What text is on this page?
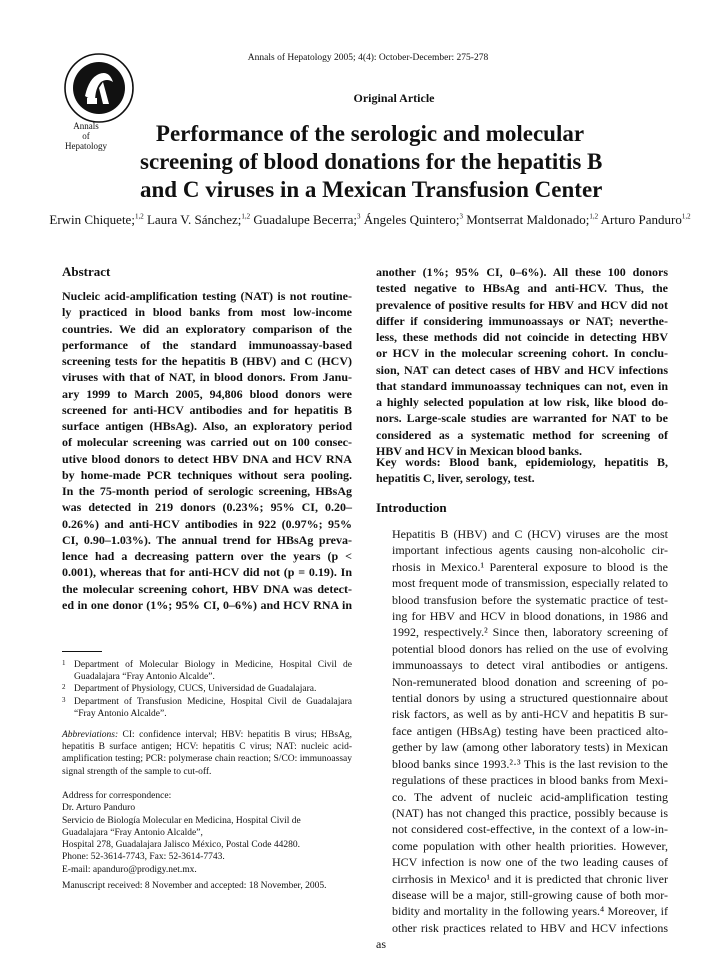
Annals of Hepatology 2005; 4(4): October-December: 275-278
Annals
of
Hepatology
Original Article
Performance of the serologic and molecular
screening of blood donations for the hepatitis B
and C viruses in a Mexican Transfusion Center
Erwin Chiquete;$^{1,2}$ Laura V. Sánchez;$^{1,2}$ Guadalupe Becerra;$^3$ Ángeles Quintero;$^3$ Montserrat Maldonado;$^{1,2}$ Arturo Panduro$^{1,2}$
Abstract
Nucleic acid-amplification testing (NAT) is not routine-
ly practiced in blood banks from most low-income
countries. We did an exploratory comparison of the
performance of the standard immunoassay-based
screening tests for the hepatitis B (HBV) and C (HCV)
viruses with that of NAT, in blood donors. From Janu-
ary 1999 to March 2005, 94,806 blood donors were
screened for anti-HCV antibodies and for hepatitis B
surface antigen (HBsAg). Also, an exploratory period
of molecular screening was carried out on 100 consec-
utive blood donors to detect HBV DNA and HCV RNA
by home-made PCR techniques without sera pooling.
In the 75-month period of serologic screening, HBsAg
was detected in 219 donors (0.23%; 95% CI, 0.20–
0.26%) and anti-HCV antibodies in 922 (0.97%; 95%
CI, 0.90–1.03%). The annual trend for HBsAg preva-
lence had a decreasing pattern over the years (p <
0.001), whereas that for anti-HCV did not (p = 0.19). In
the molecular screening cohort, HBV DNA was detect-
ed in one donor (1%; 95% CI, 0–6%) and HCV RNA in
1 Department of Molecular Biology in Medicine, Hospital Civil de Guadalajara “Fray Antonio Alcalde”.
2 Department of Physiology, CUCS, Universidad de Guadalajara.
3 Department of Transfusion Medicine, Hospital Civil de Guadalajara “Fray Antonio Alcalde”.
Abbreviations: CI: confidence interval; HBV: hepatitis B virus; HBsAg, hepatitis B surface antigen; HCV: hepatitis C virus; NAT: nucleic acid-amplification testing; PCR: polymerase chain reaction; S/CO: immunoassay signal strength of the sample to cut-off.
Address for correspondence:
Dr. Arturo Panduro
Servicio de Biología Molecular en Medicina, Hospital Civil de
Guadalajara “Fray Antonio Alcalde”,
Hospital 278, Guadalajara Jalisco México, Postal Code 44280.
Phone: 52-3614-7743, Fax: 52-3614-7743.
E-mail: apanduro@prodigy.net.mx.
Manuscript received: 8 November and accepted: 18 November, 2005.
another (1%; 95% CI, 0–6%). All these 100 donors
tested negative to HBsAg and anti-HCV. Thus, the
prevalence of positive results for HBV and HCV did not
differ if considering immunoassays or NAT; neverthe-
less, these methods did not coincide in detecting HBV
or HCV in the molecular screening cohort. In conclu-
sion, NAT can detect cases of HBV and HCV infections
that standard immunoassay techniques can not, even in
a highly selected population at low risk, like blood do-
nors. Large-scale studies are warranted for NAT to be
considered as a systematic method for screening of
HBV and HCV in Mexican blood banks.
Key words: Blood bank, epidemiology, hepatitis B,
hepatitis C, liver, serology, test.
Introduction
Hepatitis B (HBV) and C (HCV) viruses are the most
important infectious agents causing non-alcoholic cir-
rhosis in Mexico.¹ Parenteral exposure to blood is the
most frequent mode of transmission, especially related to
blood transfusion before the systematic practice of test-
ing for HBV and HCV in blood donations, in 1986 and
1992, respectively.² Since then, laboratory screening of
potential blood donors has relied on the use of evolving
immunoassays to detect viral antibodies or antigens.
Non-remunerated blood donation and screening of po-
tential donors by using a structured questionnaire about
risk factors, as well as by anti-HCV and hepatitis B sur-
face antigen (HBsAg) testing have been practiced alto-
gether by law (among other laboratory tests) in Mexican
blood banks since 1993.²·³ This is the last revision to the
regulations of these practices in blood banks from Mexi-
co. The advent of nucleic acid-amplification testing
(NAT) has not changed this practice, possibly because is
not considered cost-effective, in the context of a low-in-
come population with other health priorities. However,
HCV infection is now one of the two leading causes of
cirrhosis in Mexico¹ and it is predicted that chronic liver
disease will be a major, still-growing cause of both mor-
bidity and mortality in the following years.⁴ Moreover, if
other risk practices related to HBV and HCV infections as
